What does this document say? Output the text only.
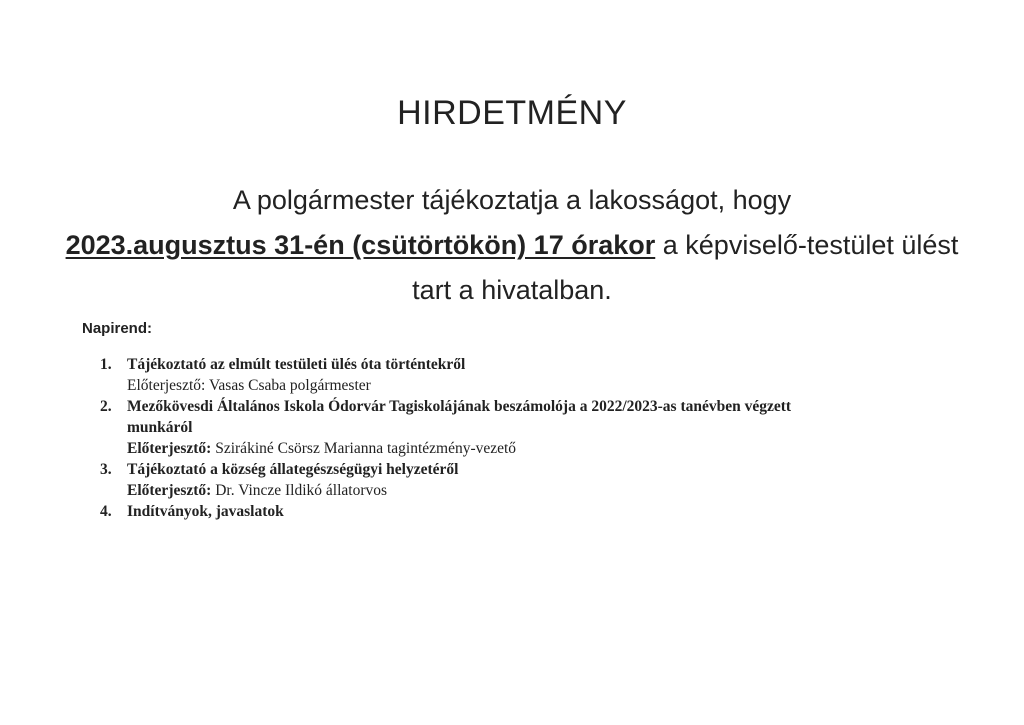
HIRDETMÉNY
A polgármester tájékoztatja a lakosságot, hogy
2023.augusztus 31-én (csütörtökön) 17 órakor a képviselő-testület ülést tart a hivatalban.
Napirend:
1. Tájékoztató az elmúlt testületi ülés óta történtekről
Előterjesztő: Vasas Csaba polgármester
2. Mezőkövesdi Általános Iskola Ódorvár Tagiskolájának beszámolója a 2022/2023-as tanévben végzett
munkáról
Előterjesztő: Szirákiné Csörsz Marianna tagintézmény-vezető
3. Tájékoztató a község állategészségügyi helyzetéről
Előterjesztő: Dr. Vincze Ildikó állatorvos
4. Indítványok, javaslatok
